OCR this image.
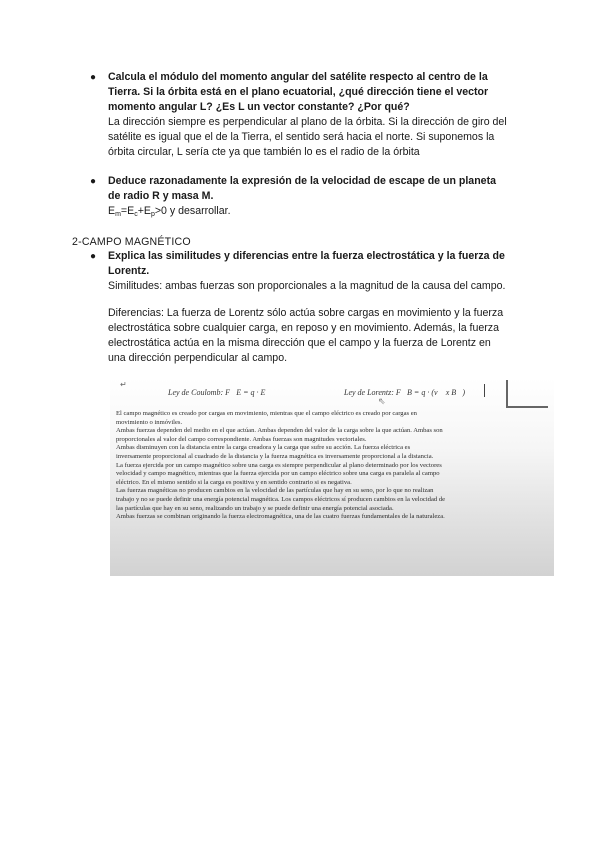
● Calcula el módulo del momento angular del satélite respecto al centro de la
Tierra. Si la órbita está en el plano ecuatorial, ¿qué dirección tiene el vector
momento angular L? ¿Es L un vector constante? ¿Por qué?
La dirección siempre es perpendicular al plano de la órbita. Si la dirección de giro del
satélite es igual que el de la Tierra, el sentido será hacia el norte. Si suponemos la
órbita circular, L sería cte ya que también lo es el radio de la órbita
● Deduce razonadamente la expresión de la velocidad de escape de un planeta
de radio R y masa M.
$E_m=E_c+E_p>0$ y desarrollar.
2-CAMPO MAGNÉTICO
● Explica las similitudes y diferencias entre la fuerza electrostática y la fuerza de
Lorentz.
Similitudes: ambas fuerzas son proporcionales a la magnitud de la causa del campo.
Diferencias: La fuerza de Lorentz sólo actúa sobre cargas en movimiento y la fuerza
electrostática sobre cualquier carga, en reposo y en movimiento. Además, la fuerza
electrostática actúa en la misma dirección que el campo y la fuerza de Lorentz en
una dirección perpendicular al campo.
↵
Ley de Coulomb: F⃗E = q · E⃗	Ley de Lorentz: F⃗B = q · (v⃗ x B⃗)
⇖
El campo magnético es creado por cargas en movimiento, mientras que el campo eléctrico es creado por cargas en
movimiento o inmóviles.
Ambas fuerzas dependen del medio en el que actúan. Ambas dependen del valor de la carga sobre la que actúan. Ambas son
proporcionales al valor del campo correspondiente. Ambas fuerzas son magnitudes vectoriales.
Ambas disminuyen con la distancia entre la carga creadora y la carga que sufre su acción. La fuerza eléctrica es
inversamente proporcional al cuadrado de la distancia y la fuerza magnética es inversamente proporcional a la distancia.
La fuerza ejercida por un campo magnético sobre una carga es siempre perpendicular al plano determinado por los vectores
velocidad y campo magnético, mientras que la fuerza ejercida por un campo eléctrico sobre una carga es paralela al campo
eléctrico. En el mismo sentido si la carga es positiva y en sentido contrario si es negativa.
Las fuerzas magnéticas no producen cambios en la velocidad de las partículas que hay en su seno, por lo que no realizan
trabajo y no se puede definir una energía potencial magnética. Los campos eléctricos sí producen cambios en la velocidad de
las partículas que hay en su seno, realizando un trabajo y se puede definir una energía potencial asociada.
Ambas fuerzas se combinan originando la fuerza electromagnética, una de las cuatro fuerzas fundamentales de la naturaleza.
